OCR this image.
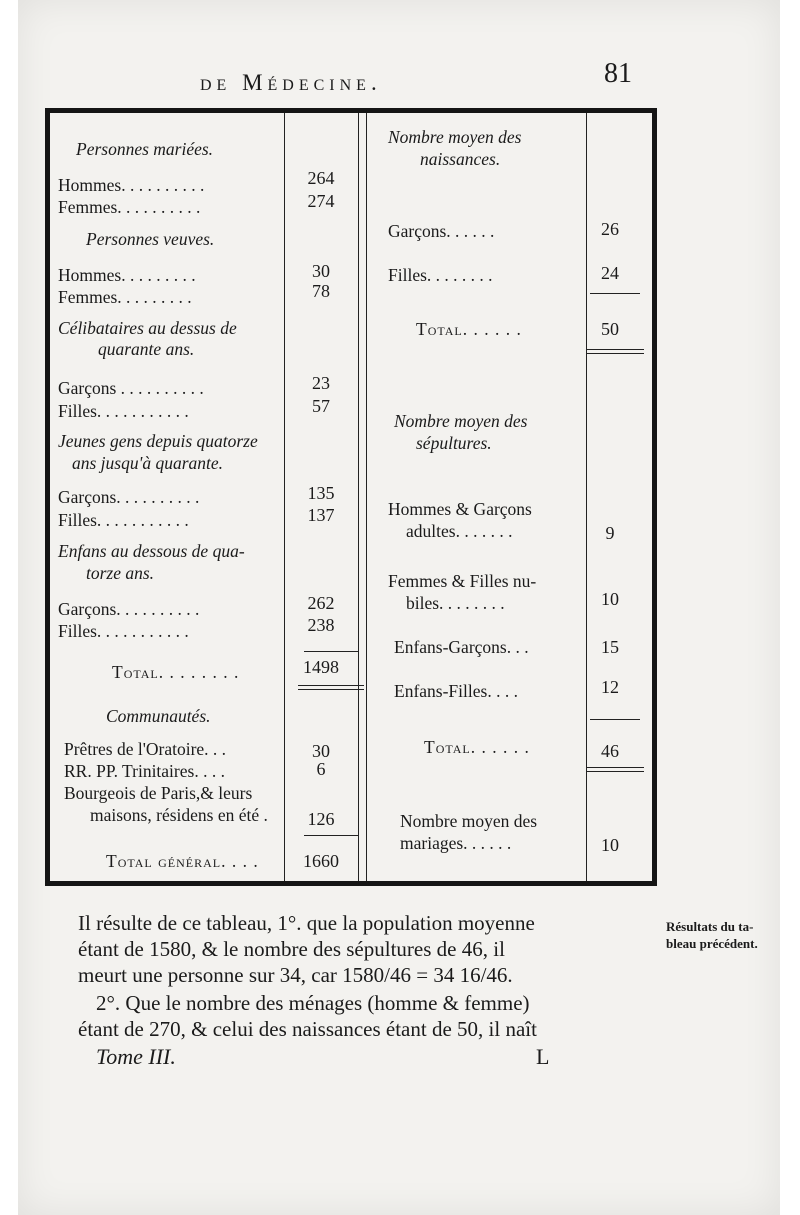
de Médecine.	81
Personnes mariées.
Hommes. . . . . . . . . .	264
Femmes. . . . . . . . . .	274
Personnes veuves.
Hommes. . . . . . . . .	30
Femmes. . . . . . . . .	78
Célibataires au dessus de
quarante ans.
Garçons . . . . . . . . . .	23
Filles. . . . . . . . . . .	57
Jeunes gens depuis quatorze
ans jusqu'à quarante.
Garçons. . . . . . . . . .	135
Filles. . . . . . . . . . .	137
Enfans au dessous de qua-
torze ans.
Garçons. . . . . . . . . .	262
Filles. . . . . . . . . . .	238
Total. . . . . . . .	1498
Communautés.
Prêtres de l'Oratoire. . .	30
RR. PP. Trinitaires. . . .	6
Bourgeois de Paris,& leurs
maisons, résidens en été .	126
Total général. . . .	1660
Nombre moyen des
naissances.
Garçons. . . . . .	26
Filles. . . . . . . .	24
Total. . . . . .	50
Nombre moyen des
sépultures.
Hommes & Garçons
adultes. . . . . . .	9
Femmes & Filles nu-
biles. . . . . . . .	10
Enfans-Garçons. . .	15
Enfans-Filles. . . .	12
Total. . . . . .	46
Nombre moyen des
mariages. . . . . .	10
Il résulte de ce tableau, 1°. que la population moyenne
étant de 1580, & le nombre des sépultures de 46, il
meurt une personne sur 34, car 1580/46 = 34 16/46.
2°. Que le nombre des ménages (homme & femme)
étant de 270, & celui des naissances étant de 50, il naît
Résultats du ta-
bleau précédent.
Tome III.	L
